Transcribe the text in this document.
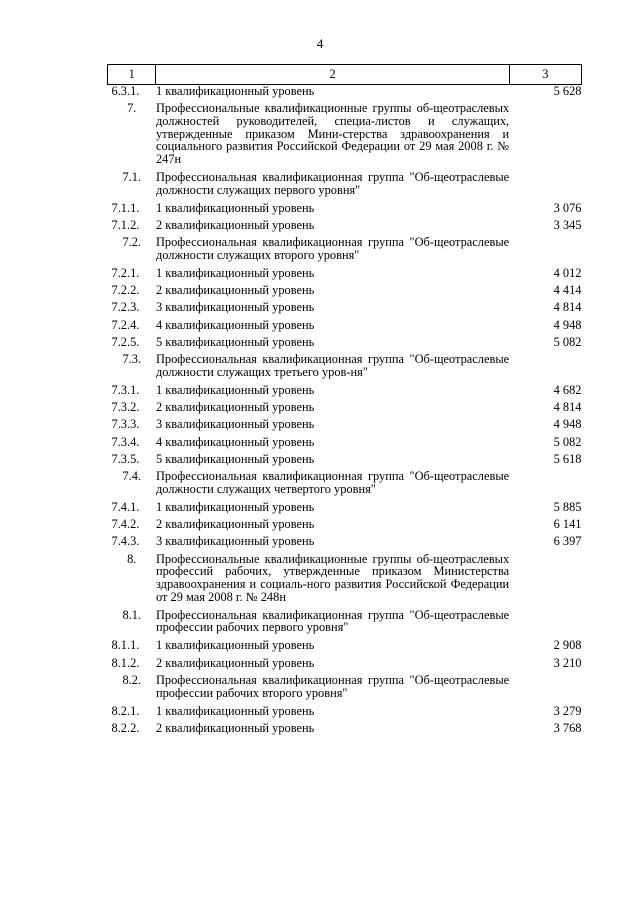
4
1	2	3
6.3.1.	1 квалификационный уровень	5 628
7.	Профессиональные квалификационные группы об-щеотраслевых должностей руководителей, специа-листов и служащих, утвержденные приказом Мини-стерства здравоохранения и социального развития Российской Федерации от 29 мая 2008 г. № 247н	
7.1.	Профессиональная квалификационная группа "Об-щеотраслевые должности служащих первого уровня"	
7.1.1.	1 квалификационный уровень	3 076
7.1.2.	2 квалификационный уровень	3 345
7.2.	Профессиональная квалификационная группа "Об-щеотраслевые должности служащих второго уровня"	
7.2.1.	1 квалификационный уровень	4 012
7.2.2.	2 квалификационный уровень	4 414
7.2.3.	3 квалификационный уровень	4 814
7.2.4.	4 квалификационный уровень	4 948
7.2.5.	5 квалификационный уровень	5 082
7.3.	Профессиональная квалификационная группа "Об-щеотраслевые должности служащих третьего уров-ня"	
7.3.1.	1 квалификационный уровень	4 682
7.3.2.	2 квалификационный уровень	4 814
7.3.3.	3 квалификационный уровень	4 948
7.3.4.	4 квалификационный уровень	5 082
7.3.5.	5 квалификационный уровень	5 618
7.4.	Профессиональная квалификационная группа "Об-щеотраслевые должности служащих четвертого уровня"	
7.4.1.	1 квалификационный уровень	5 885
7.4.2.	2 квалификационный уровень	6 141
7.4.3.	3 квалификационный уровень	6 397
8.	Профессиональные квалификационные группы об-щеотраслевых профессий рабочих, утвержденные приказом Министерства здравоохранения и социаль-ного развития Российской Федерации от 29 мая 2008 г. № 248н	
8.1.	Профессиональная квалификационная группа "Об-щеотраслевые профессии рабочих первого уровня"	
8.1.1.	1 квалификационный уровень	2 908
8.1.2.	2 квалификационный уровень	3 210
8.2.	Профессиональная квалификационная группа "Об-щеотраслевые профессии рабочих второго уровня"	
8.2.1.	1 квалификационный уровень	3 279
8.2.2.	2 квалификационный уровень	3 768
